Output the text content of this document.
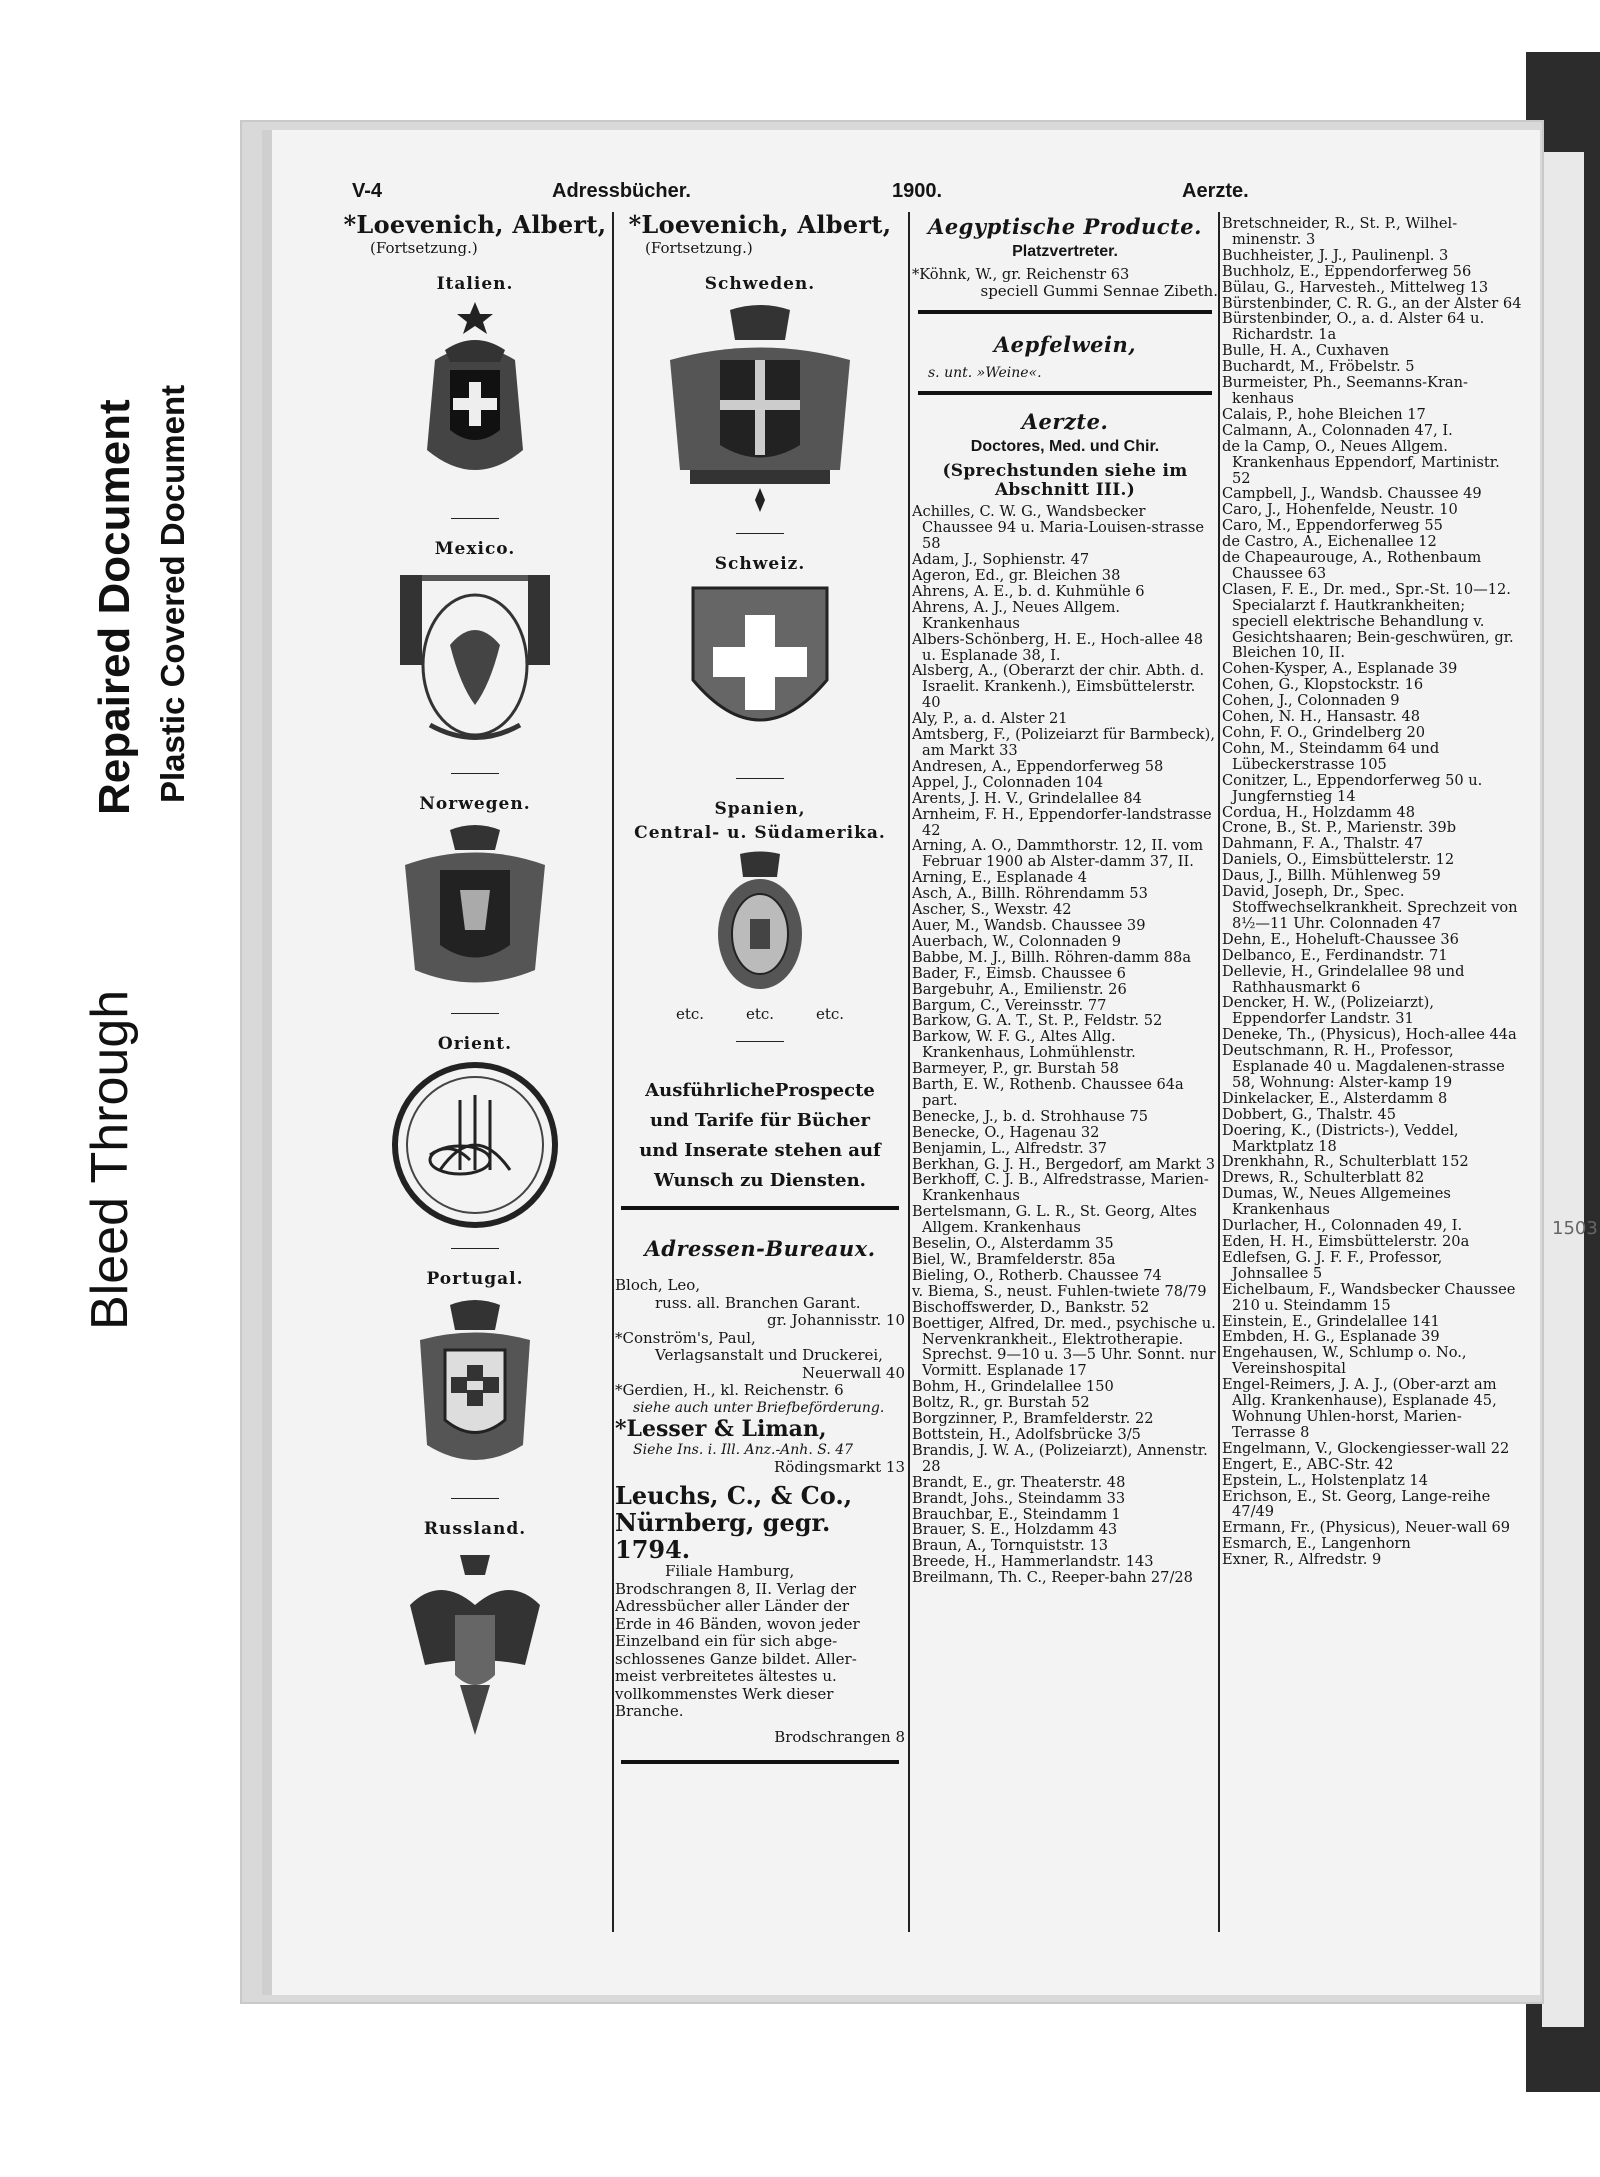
Bleed Through
Repaired Document Plastic Covered Document
1503
V-4	Adressbücher.	1900.	Aerzte.
*Loevenich, Albert,
(Fortsetzung.)
Italien.
Mexico.
Norwegen.
Orient.
Portugal.
Russland.
*Loevenich, Albert,
(Fortsetzung.)
Schweden.
Schweiz.
Spanien,
Central- u. Südamerika.
etc.	etc.	etc.
AusführlicheProspecte
und Tarife für Bücher
und Inserate stehen auf
Wunsch zu Diensten.
Adressen-Bureaux.
Bloch, Leo,
russ. all. Branchen Garant.
gr. Johannisstr. 10
*Conström's, Paul,
Verlagsanstalt und Druckerei,
Neuerwall 40
*Gerdien, H., kl. Reichenstr. 6
siehe auch unter Briefbeförderung.
*Lesser & Liman,
Siehe Ins. i. Ill. Anz.-Anh. S. 47
Rödingsmarkt 13
Leuchs, C., & Co.,
Nürnberg, gegr. 1794.
Filiale Hamburg,
Brodschrangen 8, II. Verlag der
Adressbücher aller Länder der
Erde in 46 Bänden, wovon jeder
Einzelband ein für sich abge-
schlossenes Ganze bildet. Aller-
meist verbreitetes ältestes u.
vollkommenstes Werk dieser
Branche.
Brodschrangen 8
Aegyptische Producte.
Platzvertreter.
*Köhnk, W., gr. Reichenstr 63
speciell Gummi Sennae Zibeth.
Aepfelwein,
s. unt. »Weine«.
Aerzte.
Doctores, Med. und Chir.
(Sprechstunden siehe im Abschnitt III.)
Achilles, C. W. G., Wandsbecker Chaussee 94 u. Maria-Louisen-strasse 58
Adam, J., Sophienstr. 47
Ageron, Ed., gr. Bleichen 38
Ahrens, A. E., b. d. Kuhmühle 6
Ahrens, A. J., Neues Allgem. Krankenhaus
Albers-Schönberg, H. E., Hoch-allee 48 u. Esplanade 38, I.
Alsberg, A., (Oberarzt der chir. Abth. d. Israelit. Krankenh.), Eimsbüttelerstr. 40
Aly, P., a. d. Alster 21
Amtsberg, F., (Polizeiarzt für Barmbeck), am Markt 33
Andresen, A., Eppendorferweg 58
Appel, J., Colonnaden 104
Arents, J. H. V., Grindelallee 84
Arnheim, F. H., Eppendorfer-landstrasse 42
Arning, A. O., Dammthorstr. 12, II. vom Februar 1900 ab Alster-damm 37, II.
Arning, E., Esplanade 4
Asch, A., Billh. Röhrendamm 53
Ascher, S., Wexstr. 42
Auer, M., Wandsb. Chaussee 39
Auerbach, W., Colonnaden 9
Babbe, M. J., Billh. Röhren-damm 88a
Bader, F., Eimsb. Chaussee 6
Bargebuhr, A., Emilienstr. 26
Bargum, C., Vereinsstr. 77
Barkow, G. A. T., St. P., Feldstr. 52
Barkow, W. F. G., Altes Allg. Krankenhaus, Lohmühlenstr.
Barmeyer, P., gr. Burstah 58
Barth, E. W., Rothenb. Chaussee 64a part.
Benecke, J., b. d. Strohhause 75
Benecke, O., Hagenau 32
Benjamin, L., Alfredstr. 37
Berkhan, G. J. H., Bergedorf, am Markt 3
Berkhoff, C. J. B., Alfredstrasse, Marien-Krankenhaus
Bertelsmann, G. L. R., St. Georg, Altes Allgem. Krankenhaus
Beselin, O., Alsterdamm 35
Biel, W., Bramfelderstr. 85a
Bieling, O., Rotherb. Chaussee 74
v. Biema, S., neust. Fuhlen-twiete 78/79
Bischoffswerder, D., Bankstr. 52
Boettiger, Alfred, Dr. med., psychische u. Nervenkrankheit., Elektrotherapie. Sprechst. 9—10 u. 3—5 Uhr. Sonnt. nur Vormitt. Esplanade 17
Bohm, H., Grindelallee 150
Boltz, R., gr. Burstah 52
Borgzinner, P., Bramfelderstr. 22
Bottstein, H., Adolfsbrücke 3/5
Brandis, J. W. A., (Polizeiarzt), Annenstr. 28
Brandt, E., gr. Theaterstr. 48
Brandt, Johs., Steindamm 33
Brauchbar, E., Steindamm 1
Brauer, S. E., Holzdamm 43
Braun, A., Tornquiststr. 13
Breede, H., Hammerlandstr. 143
Breilmann, Th. C., Reeper-bahn 27/28
Bretschneider, R., St. P., Wilhel-minenstr. 3
Buchheister, J. J., Paulinenpl. 3
Buchholz, E., Eppendorferweg 56
Bülau, G., Harvesteh., Mittelweg 13
Bürstenbinder, C. R. G., an der Alster 64
Bürstenbinder, O., a. d. Alster 64 u. Richardstr. 1a
Bulle, H. A., Cuxhaven
Buchardt, M., Fröbelstr. 5
Burmeister, Ph., Seemanns-Kran-kenhaus
Calais, P., hohe Bleichen 17
Calmann, A., Colonnaden 47, I.
de la Camp, O., Neues Allgem. Krankenhaus Eppendorf, Martinistr. 52
Campbell, J., Wandsb. Chaussee 49
Caro, J., Hohenfelde, Neustr. 10
Caro, M., Eppendorferweg 55
de Castro, A., Eichenallee 12
de Chapeaurouge, A., Rothenbaum Chaussee 63
Clasen, F. E., Dr. med., Spr.-St. 10—12. Specialarzt f. Hautkrankheiten; speciell elektrische Behandlung v. Gesichtshaaren; Bein-geschwüren, gr. Bleichen 10, II.
Cohen-Kysper, A., Esplanade 39
Cohen, G., Klopstockstr. 16
Cohen, J., Colonnaden 9
Cohen, N. H., Hansastr. 48
Cohn, F. O., Grindelberg 20
Cohn, M., Steindamm 64 und Lübeckerstrasse 105
Conitzer, L., Eppendorferweg 50 u. Jungfernstieg 14
Cordua, H., Holzdamm 48
Crone, B., St. P., Marienstr. 39b
Dahmann, F. A., Thalstr. 47
Daniels, O., Eimsbüttelerstr. 12
Daus, J., Billh. Mühlenweg 59
David, Joseph, Dr., Spec. Stoffwechselkrankheit. Sprechzeit von 8½—11 Uhr. Colonnaden 47
Dehn, E., Hoheluft-Chaussee 36
Delbanco, E., Ferdinandstr. 71
Dellevie, H., Grindelallee 98 und Rathhausmarkt 6
Dencker, H. W., (Polizeiarzt), Eppendorfer Landstr. 31
Deneke, Th., (Physicus), Hoch-allee 44a
Deutschmann, R. H., Professor, Esplanade 40 u. Magdalenen-strasse 58, Wohnung: Alster-kamp 19
Dinkelacker, E., Alsterdamm 8
Dobbert, G., Thalstr. 45
Doering, K., (Districts-), Veddel, Marktplatz 18
Drenkhahn, R., Schulterblatt 152
Drews, R., Schulterblatt 82
Dumas, W., Neues Allgemeines Krankenhaus
Durlacher, H., Colonnaden 49, I.
Eden, H. H., Eimsbüttelerstr. 20a
Edlefsen, G. J. F. F., Professor, Johnsallee 5
Eichelbaum, F., Wandsbecker Chaussee 210 u. Steindamm 15
Einstein, E., Grindelallee 141
Embden, H. G., Esplanade 39
Engehausen, W., Schlump o. No., Vereinshospital
Engel-Reimers, J. A. J., (Ober-arzt am Allg. Krankenhause), Esplanade 45, Wohnung Uhlen-horst, Marien-Terrasse 8
Engelmann, V., Glockengiesser-wall 22
Engert, E., ABC-Str. 42
Epstein, L., Holstenplatz 14
Erichson, E., St. Georg, Lange-reihe 47/49
Ermann, Fr., (Physicus), Neuer-wall 69
Esmarch, E., Langenhorn
Exner, R., Alfredstr. 9
